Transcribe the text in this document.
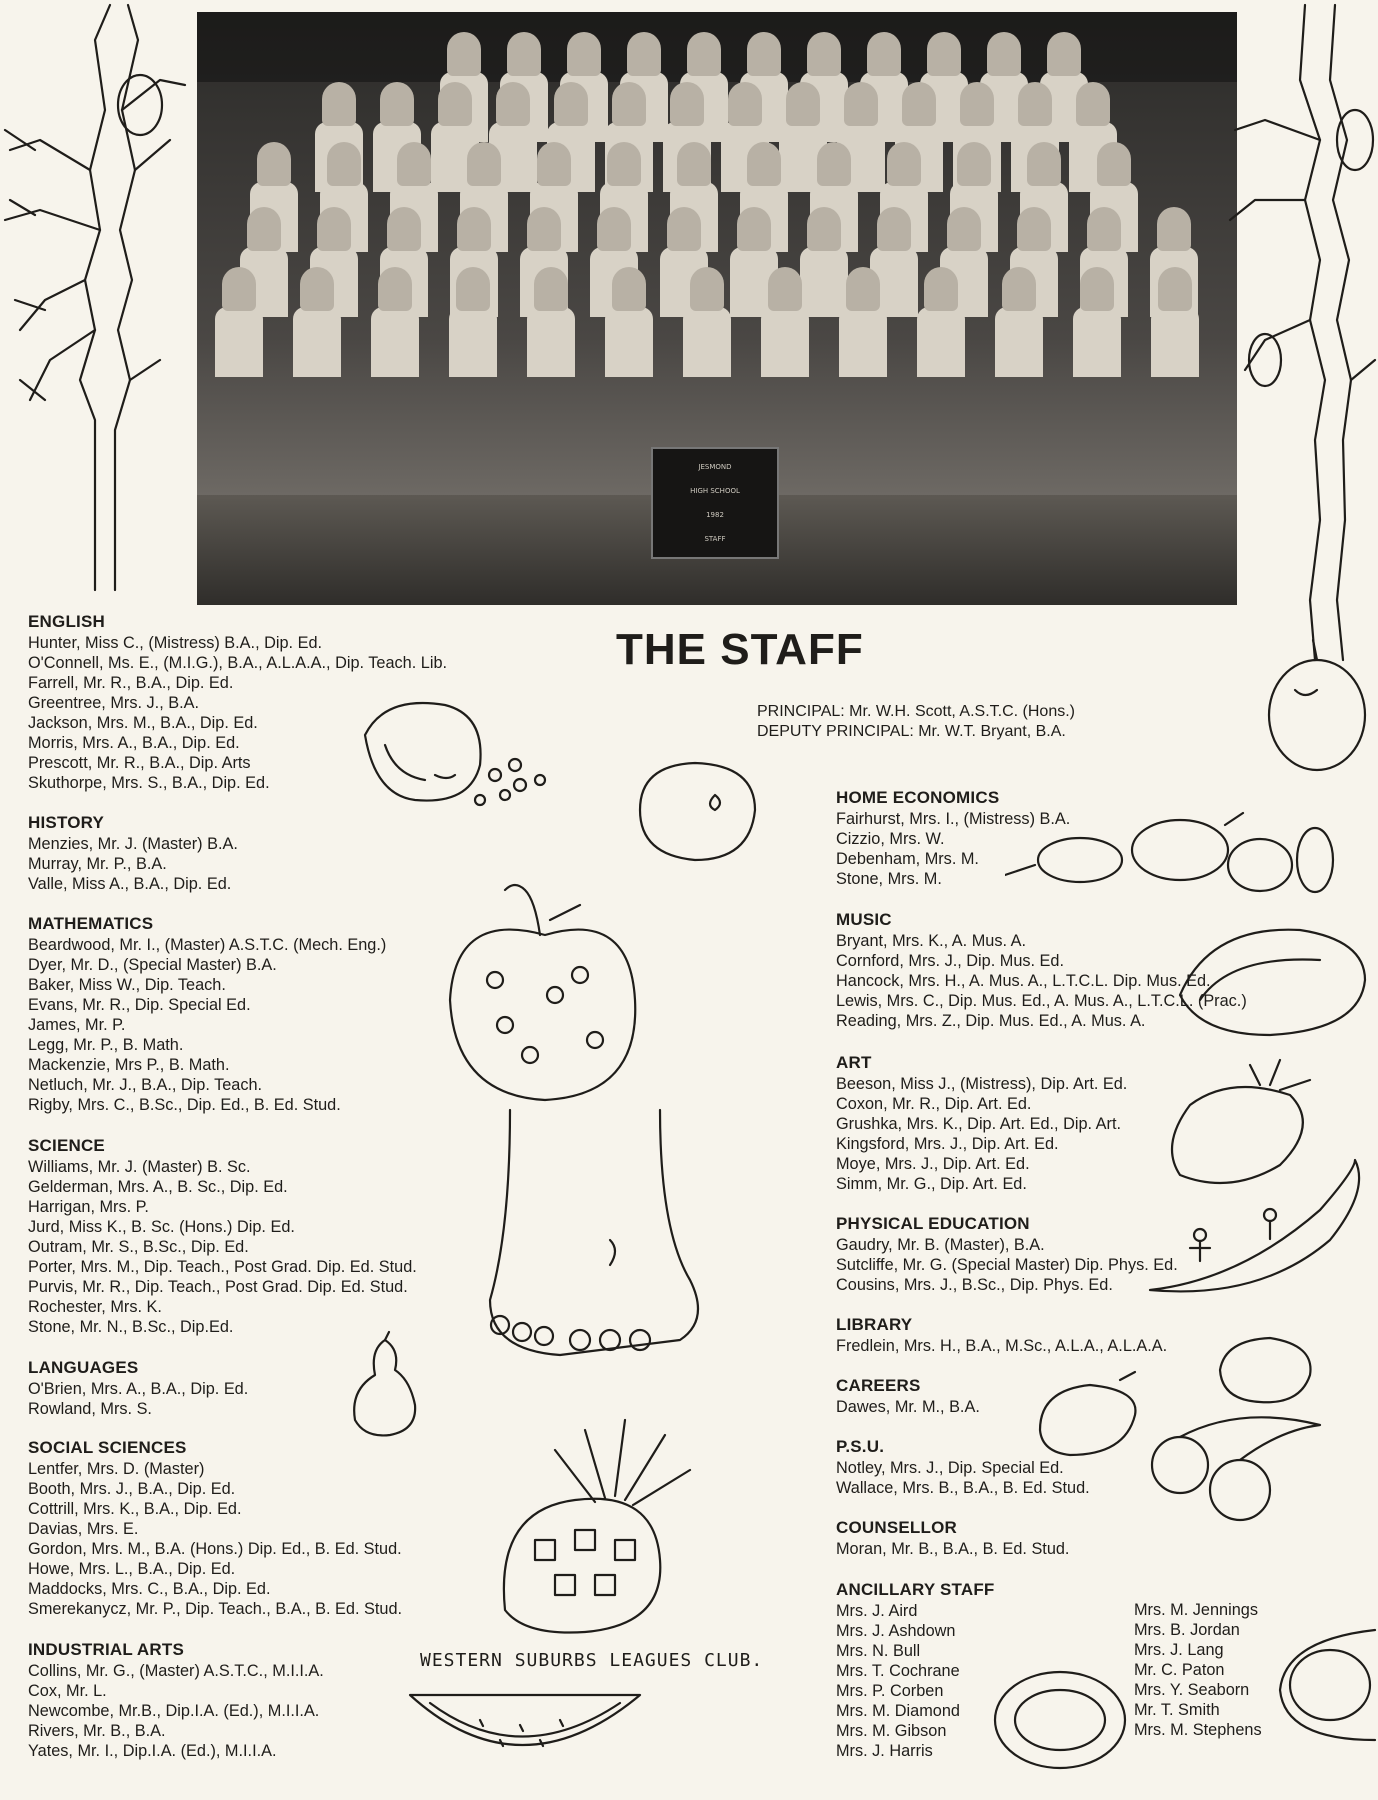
JESMOND
HIGH SCHOOL
1982
STAFF
THE STAFF
PRINCIPAL: Mr. W.H. Scott, A.S.T.C. (Hons.)
DEPUTY PRINCIPAL: Mr. W.T. Bryant, B.A.
ENGLISH
Hunter, Miss C., (Mistress) B.A., Dip. Ed.
O'Connell, Ms. E., (M.I.G.), B.A., A.L.A.A., Dip. Teach. Lib.
Farrell, Mr. R., B.A., Dip. Ed.
Greentree, Mrs. J., B.A.
Jackson, Mrs. M., B.A., Dip. Ed.
Morris, Mrs. A., B.A., Dip. Ed.
Prescott, Mr. R., B.A., Dip. Arts
Skuthorpe, Mrs. S., B.A., Dip. Ed.
HISTORY
Menzies, Mr. J. (Master) B.A.
Murray, Mr. P., B.A.
Valle, Miss A., B.A., Dip. Ed.
MATHEMATICS
Beardwood, Mr. I., (Master) A.S.T.C. (Mech. Eng.)
Dyer, Mr. D., (Special Master) B.A.
Baker, Miss W., Dip. Teach.
Evans, Mr. R., Dip. Special Ed.
James, Mr. P.
Legg, Mr. P., B. Math.
Mackenzie, Mrs P., B. Math.
Netluch, Mr. J., B.A., Dip. Teach.
Rigby, Mrs. C., B.Sc., Dip. Ed., B. Ed. Stud.
SCIENCE
Williams, Mr. J. (Master) B. Sc.
Gelderman, Mrs. A., B. Sc., Dip. Ed.
Harrigan, Mrs. P.
Jurd, Miss K., B. Sc. (Hons.) Dip. Ed.
Outram, Mr. S., B.Sc., Dip. Ed.
Porter, Mrs. M., Dip. Teach., Post Grad. Dip. Ed. Stud.
Purvis, Mr. R., Dip. Teach., Post Grad. Dip. Ed. Stud.
Rochester, Mrs. K.
Stone, Mr. N., B.Sc., Dip.Ed.
LANGUAGES
O'Brien, Mrs. A., B.A., Dip. Ed.
Rowland, Mrs. S.
SOCIAL SCIENCES
Lentfer, Mrs. D. (Master)
Booth, Mrs. J., B.A., Dip. Ed.
Cottrill, Mrs. K., B.A., Dip. Ed.
Davias, Mrs. E.
Gordon, Mrs. M., B.A. (Hons.) Dip. Ed., B. Ed. Stud.
Howe, Mrs. L., B.A., Dip. Ed.
Maddocks, Mrs. C., B.A., Dip. Ed.
Smerekanycz, Mr. P., Dip. Teach., B.A., B. Ed. Stud.
INDUSTRIAL ARTS
Collins, Mr. G., (Master) A.S.T.C., M.I.I.A.
Cox, Mr. L.
Newcombe, Mr.B., Dip.I.A. (Ed.), M.I.I.A.
Rivers, Mr. B., B.A.
Yates, Mr. I., Dip.I.A. (Ed.), M.I.I.A.
WESTERN SUBURBS LEAGUES CLUB.
HOME ECONOMICS
Fairhurst, Mrs. I., (Mistress) B.A.
Cizzio, Mrs. W.
Debenham, Mrs. M.
Stone, Mrs. M.
MUSIC
Bryant, Mrs. K., A. Mus. A.
Cornford, Mrs. J., Dip. Mus. Ed.
Hancock, Mrs. H., A. Mus. A., L.T.C.L. Dip. Mus. Ed.
Lewis, Mrs. C., Dip. Mus. Ed., A. Mus. A., L.T.C.L. (Prac.)
Reading, Mrs. Z., Dip. Mus. Ed., A. Mus. A.
ART
Beeson, Miss J., (Mistress), Dip. Art. Ed.
Coxon, Mr. R., Dip. Art. Ed.
Grushka, Mrs. K., Dip. Art. Ed., Dip. Art.
Kingsford, Mrs. J., Dip. Art. Ed.
Moye, Mrs. J., Dip. Art. Ed.
Simm, Mr. G., Dip. Art. Ed.
PHYSICAL EDUCATION
Gaudry, Mr. B. (Master), B.A.
Sutcliffe, Mr. G. (Special Master) Dip. Phys. Ed.
Cousins, Mrs. J., B.Sc., Dip. Phys. Ed.
LIBRARY
Fredlein, Mrs. H., B.A., M.Sc., A.L.A., A.L.A.A.
CAREERS
Dawes, Mr. M., B.A.
P.S.U.
Notley, Mrs. J., Dip. Special Ed.
Wallace, Mrs. B., B.A., B. Ed. Stud.
COUNSELLOR
Moran, Mr. B., B.A., B. Ed. Stud.
ANCILLARY STAFF
Mrs. J. Aird
Mrs. J. Ashdown
Mrs. N. Bull
Mrs. T. Cochrane
Mrs. P. Corben
Mrs. M. Diamond
Mrs. M. Gibson
Mrs. J. Harris
Mrs. M. Jennings
Mrs. B. Jordan
Mrs. J. Lang
Mr. C. Paton
Mrs. Y. Seaborn
Mr. T. Smith
Mrs. M. Stephens
